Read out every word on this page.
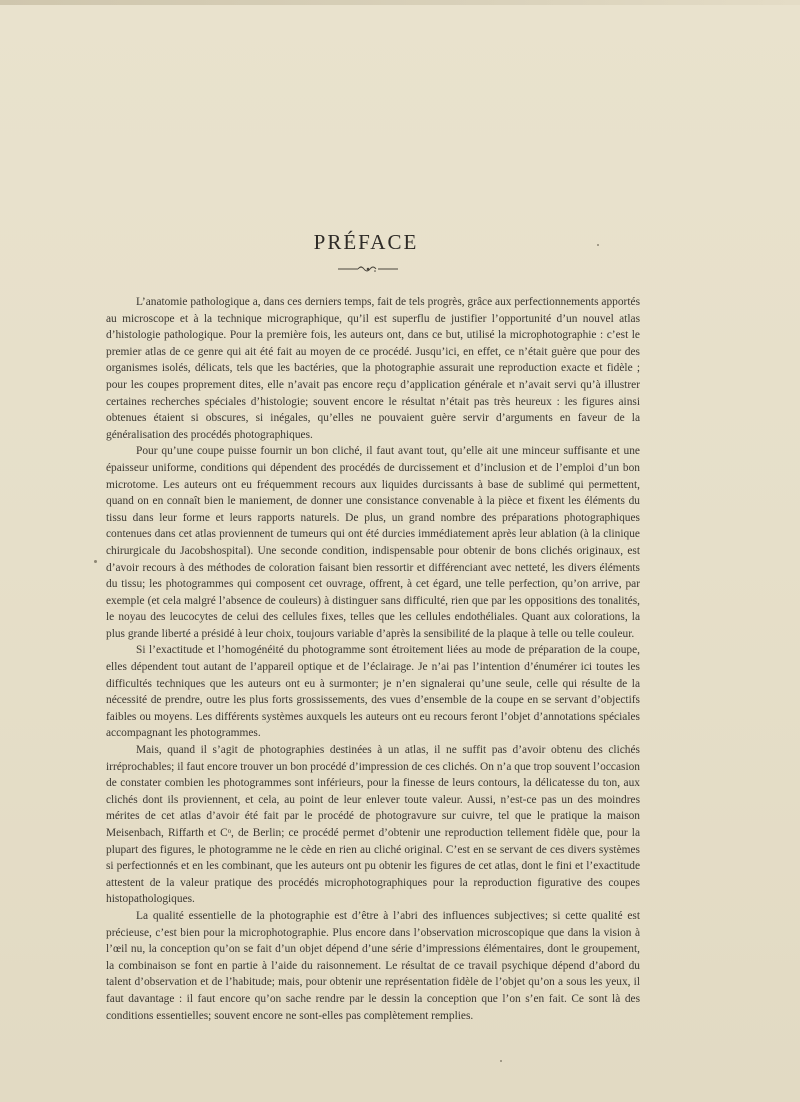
PRÉFACE

L’anatomie pathologique a, dans ces derniers temps, fait de tels progrès, grâce aux perfectionnements apportés au microscope et à la technique micrographique, qu’il est superflu de justifier l’opportunité d’un nouvel atlas d’histologie pathologique. Pour la première fois, les auteurs ont, dans ce but, utilisé la microphotographie : c’est le premier atlas de ce genre qui ait été fait au moyen de ce procédé. Jusqu’ici, en effet, ce n’était guère que pour des organismes isolés, délicats, tels que les bactéries, que la photographie assurait une reproduction exacte et fidèle ; pour les coupes proprement dites, elle n’avait pas encore reçu d’application générale et n’avait servi qu’à illustrer certaines recherches spéciales d’histologie; souvent encore le résultat n’était pas très heureux : les figures ainsi obtenues étaient si obscures, si inégales, qu’elles ne pouvaient guère servir d’arguments en faveur de la généralisation des procédés photographiques.

Pour qu’une coupe puisse fournir un bon cliché, il faut avant tout, qu’elle ait une minceur suffisante et une épaisseur uniforme, conditions qui dépendent des procédés de durcissement et d’inclusion et de l’emploi d’un bon microtome. Les auteurs ont eu fréquemment recours aux liquides durcissants à base de sublimé qui permettent, quand on en connaît bien le maniement, de donner une consistance convenable à la pièce et fixent les éléments du tissu dans leur forme et leurs rapports naturels. De plus, un grand nombre des préparations photographiques contenues dans cet atlas proviennent de tumeurs qui ont été durcies immédiatement après leur ablation (à la clinique chirurgicale du Jacobshospital). Une seconde condition, indispensable pour obtenir de bons clichés originaux, est d’avoir recours à des méthodes de coloration faisant bien ressortir et différenciant avec netteté, les divers éléments du tissu; les photogrammes qui composent cet ouvrage, offrent, à cet égard, une telle perfection, qu’on arrive, par exemple (et cela malgré l’absence de couleurs) à distinguer sans difficulté, rien que par les oppositions des tonalités, le noyau des leucocytes de celui des cellules fixes, telles que les cellules endothéliales. Quant aux colorations, la plus grande liberté a présidé à leur choix, toujours variable d’après la sensibilité de la plaque à telle ou telle couleur.

Si l’exactitude et l’homogénéité du photogramme sont étroitement liées au mode de préparation de la coupe, elles dépendent tout autant de l’appareil optique et de l’éclairage. Je n’ai pas l’intention d’énumérer ici toutes les difficultés techniques que les auteurs ont eu à surmonter; je n’en signalerai qu’une seule, celle qui résulte de la nécessité de prendre, outre les plus forts grossissements, des vues d’ensemble de la coupe en se servant d’objectifs faibles ou moyens. Les différents systèmes auxquels les auteurs ont eu recours feront l’objet d’annotations spéciales accompagnant les photogrammes.

Mais, quand il s’agit de photographies destinées à un atlas, il ne suffit pas d’avoir obtenu des clichés irréprochables; il faut encore trouver un bon procédé d’impression de ces clichés. On n’a que trop souvent l’occasion de constater combien les photogrammes sont inférieurs, pour la finesse de leurs contours, la délicatesse du ton, aux clichés dont ils proviennent, et cela, au point de leur enlever toute valeur. Aussi, n’est-ce pas un des moindres mérites de cet atlas d’avoir été fait par le procédé de photogravure sur cuivre, tel que le pratique la maison Meisenbach, Riffarth et Cᵒ, de Berlin; ce procédé permet d’obtenir une reproduction tellement fidèle que, pour la plupart des figures, le photogramme ne le cède en rien au cliché original. C’est en se servant de ces divers systèmes si perfectionnés et en les combinant, que les auteurs ont pu obtenir les figures de cet atlas, dont le fini et l’exactitude attestent de la valeur pratique des procédés microphotographiques pour la reproduction figurative des coupes histopathologiques.

La qualité essentielle de la photographie est d’être à l’abri des influences subjectives; si cette qualité est précieuse, c’est bien pour la microphotographie. Plus encore dans l’observation microscopique que dans la vision à l’œil nu, la conception qu’on se fait d’un objet dépend d’une série d’impressions élémentaires, dont le groupement, la combinaison se font en partie à l’aide du raisonnement. Le résultat de ce travail psychique dépend d’abord du talent d’observation et de l’habitude; mais, pour obtenir une représentation fidèle de l’objet qu’on a sous les yeux, il faut davantage : il faut encore qu’on sache rendre par le dessin la conception que l’on s’en fait. Ce sont là des conditions essentielles; souvent encore ne sont-elles pas complètement remplies.
